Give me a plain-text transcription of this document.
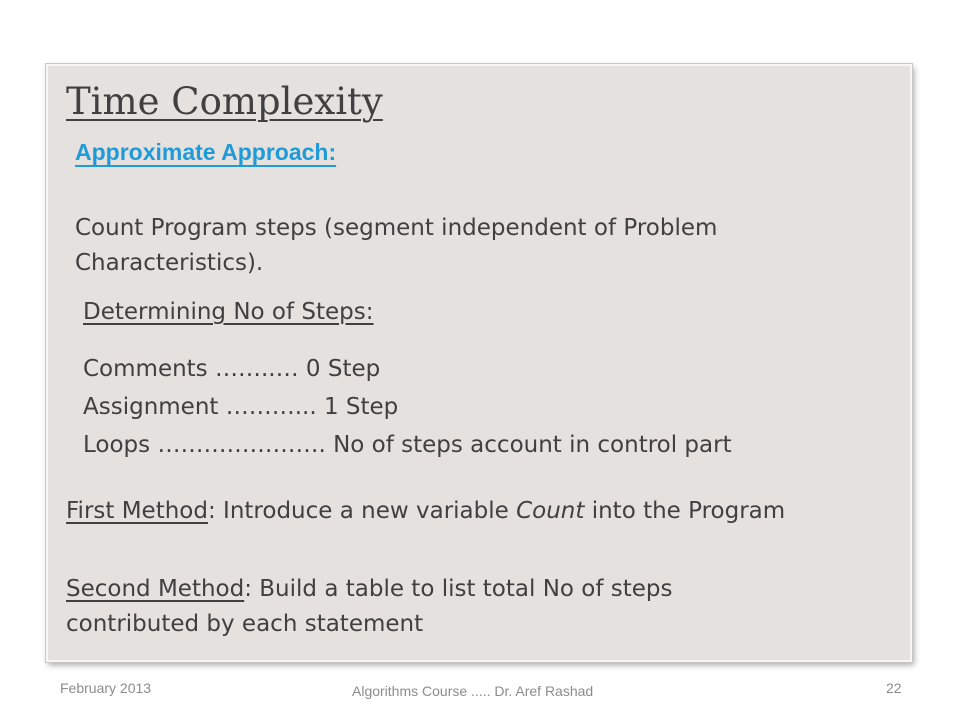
Time Complexity
Approximate Approach:
Count Program steps (segment independent of Problem
Characteristics).
Determining No of Steps:
Comments ……..… 0 Step
Assignment ………... 1 Step
Loops …………………. No of steps account in control part
First Method: Introduce a new variable Count into the Program
Second Method: Build a table to list total No of steps
contributed by each statement
February 2013	Algorithms Course ..... Dr. Aref Rashad	22
